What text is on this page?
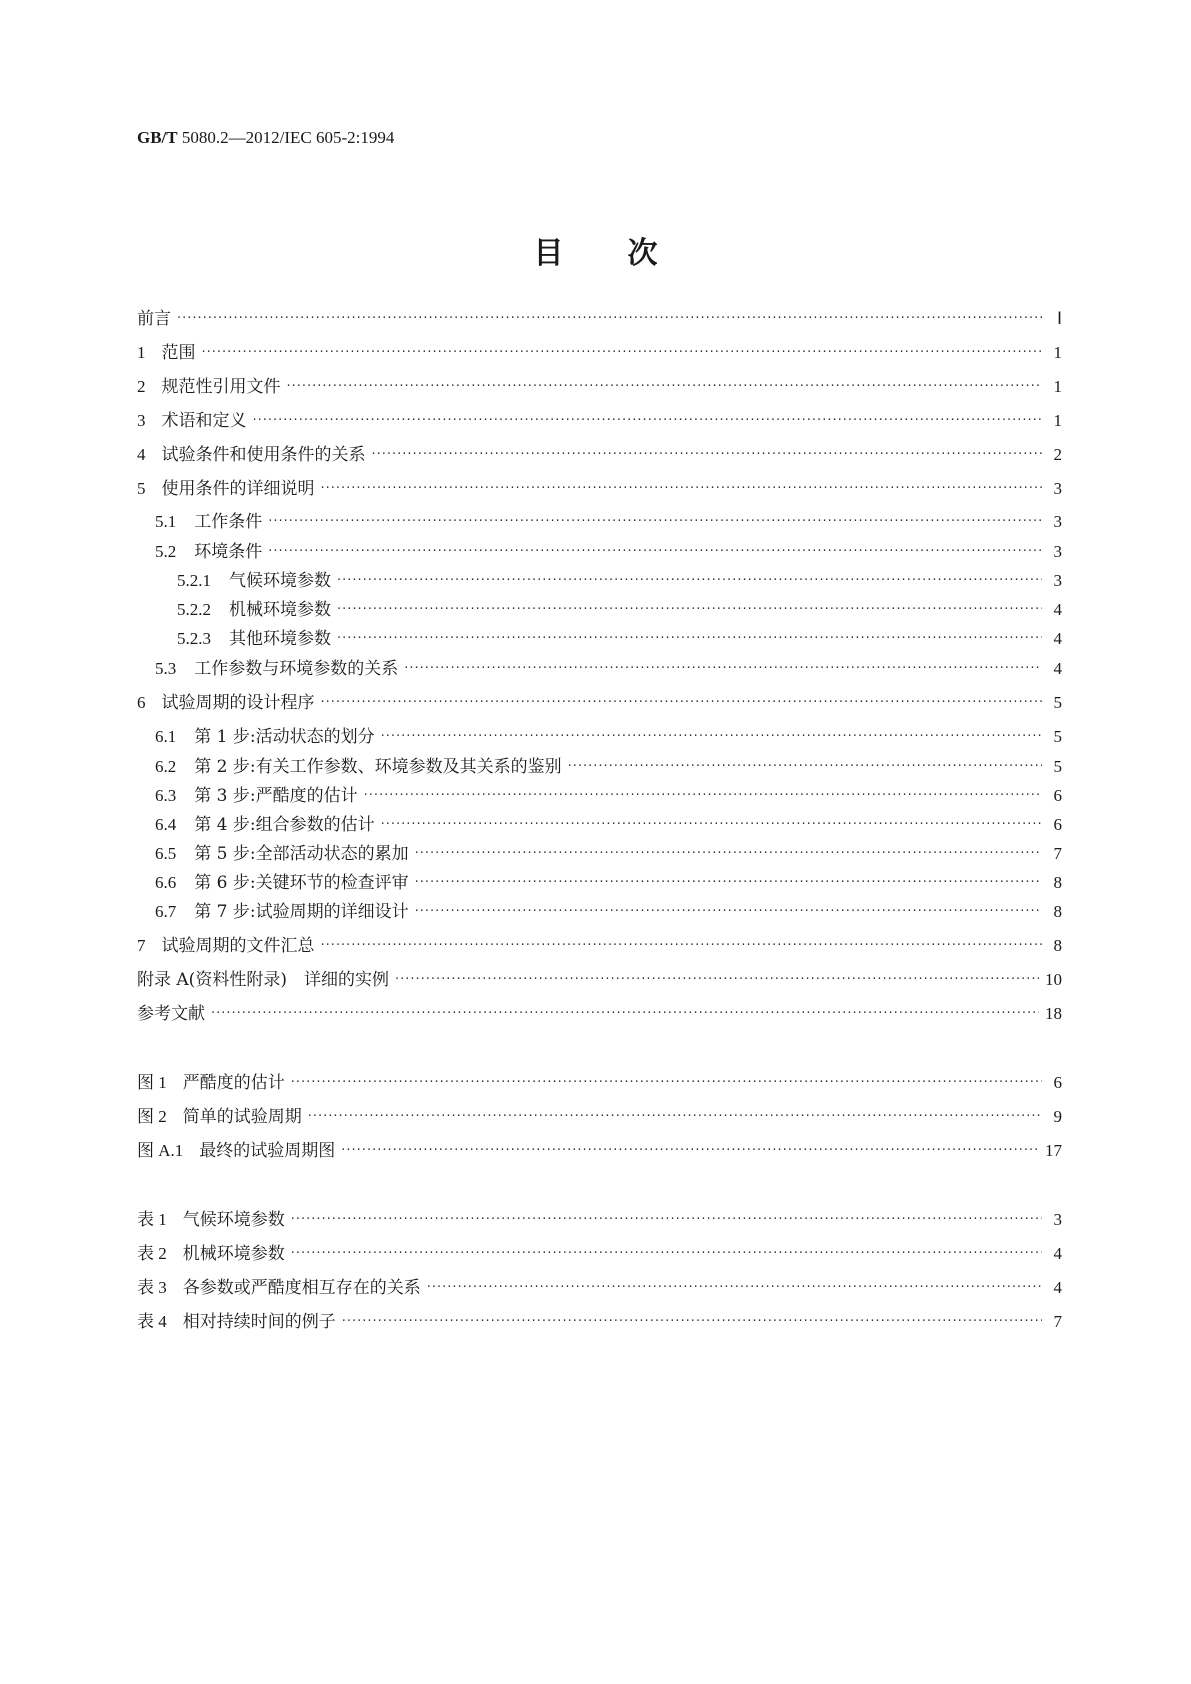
GB/T 5080.2—2012/IEC 605-2:1994
目 次
前言 ·····	Ⅰ
1 范围 ·····	1
2 规范性引用文件 ·····	1
3 术语和定义 ·····	1
4 试验条件和使用条件的关系 ·····	2
5 使用条件的详细说明 ·····	3
5.1 工作条件 ·····	3
5.2 环境条件 ·····	3
5.2.1 气候环境参数 ·····	3
5.2.2 机械环境参数 ·····	4
5.2.3 其他环境参数 ·····	4
5.3 工作参数与环境参数的关系 ·····	4
6 试验周期的设计程序 ·····	5
6.1 第 1 步:活动状态的划分 ·····	5
6.2 第 2 步:有关工作参数、环境参数及其关系的鉴别 ·····	5
6.3 第 3 步:严酷度的估计 ·····	6
6.4 第 4 步:组合参数的估计 ·····	6
6.5 第 5 步:全部活动状态的累加 ·····	7
6.6 第 6 步:关键环节的检查评审 ·····	8
6.7 第 7 步:试验周期的详细设计 ·····	8
7 试验周期的文件汇总 ·····	8
附录 A(资料性附录)　详细的实例 ·····	10
参考文献 ·····	18
图 1 严酷度的估计 ·····	6
图 2 简单的试验周期 ·····	9
图 A.1 最终的试验周期图 ·····	17
表 1 气候环境参数 ·····	3
表 2 机械环境参数 ·····	4
表 3 各参数或严酷度相互存在的关系 ·····	4
表 4 相对持续时间的例子 ·····	7
